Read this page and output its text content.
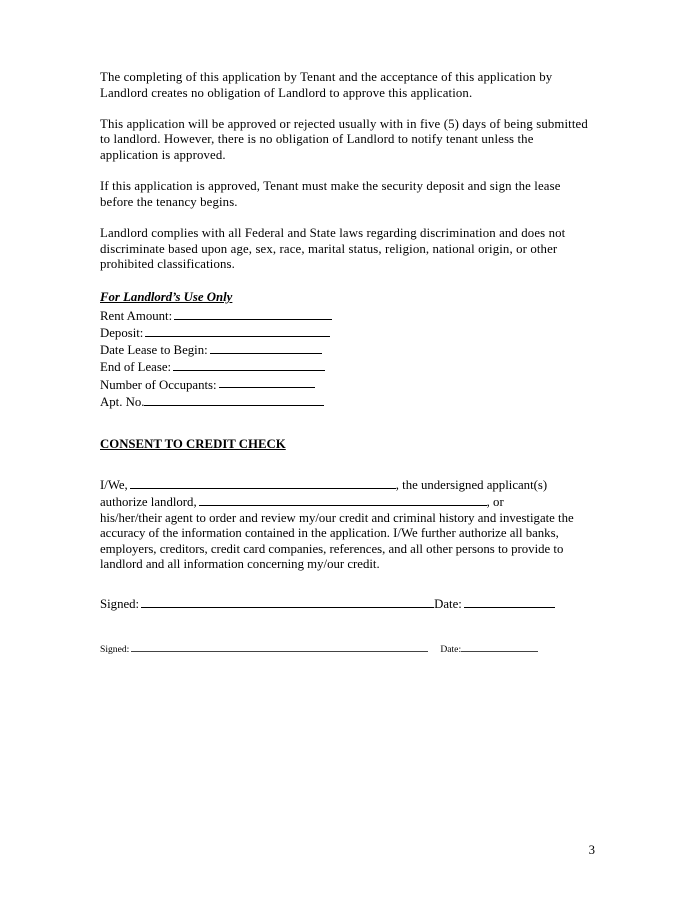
The completing of this application by Tenant and the acceptance of this application by Landlord creates no obligation of Landlord to approve this application.

This application will be approved or rejected usually with in five (5) days of being submitted to landlord. However, there is no obligation of Landlord to notify tenant unless the application is approved.

If this application is approved, Tenant must make the security deposit and sign the lease before the tenancy begins.

Landlord complies with all Federal and State laws regarding discrimination and does not discriminate based upon age, sex, race, marital status, religion, national origin, or other prohibited classifications.

For Landlord’s Use Only

Rent Amount:

Deposit:

Date Lease to Begin:

End of Lease:

Number of Occupants:

Apt. No.

CONSENT TO CREDIT CHECK

I/We,	, the undersigned applicant(s)

authorize landlord,	, or

his/her/their agent to order and review my/our credit and criminal history and investigate the accuracy of the information contained in the application. I/We further authorize all banks, employers, creditors, credit card companies, references, and all other persons to provide to landlord and all information concerning my/our credit.

Signed:	Date:

Signed:	Date:

3
